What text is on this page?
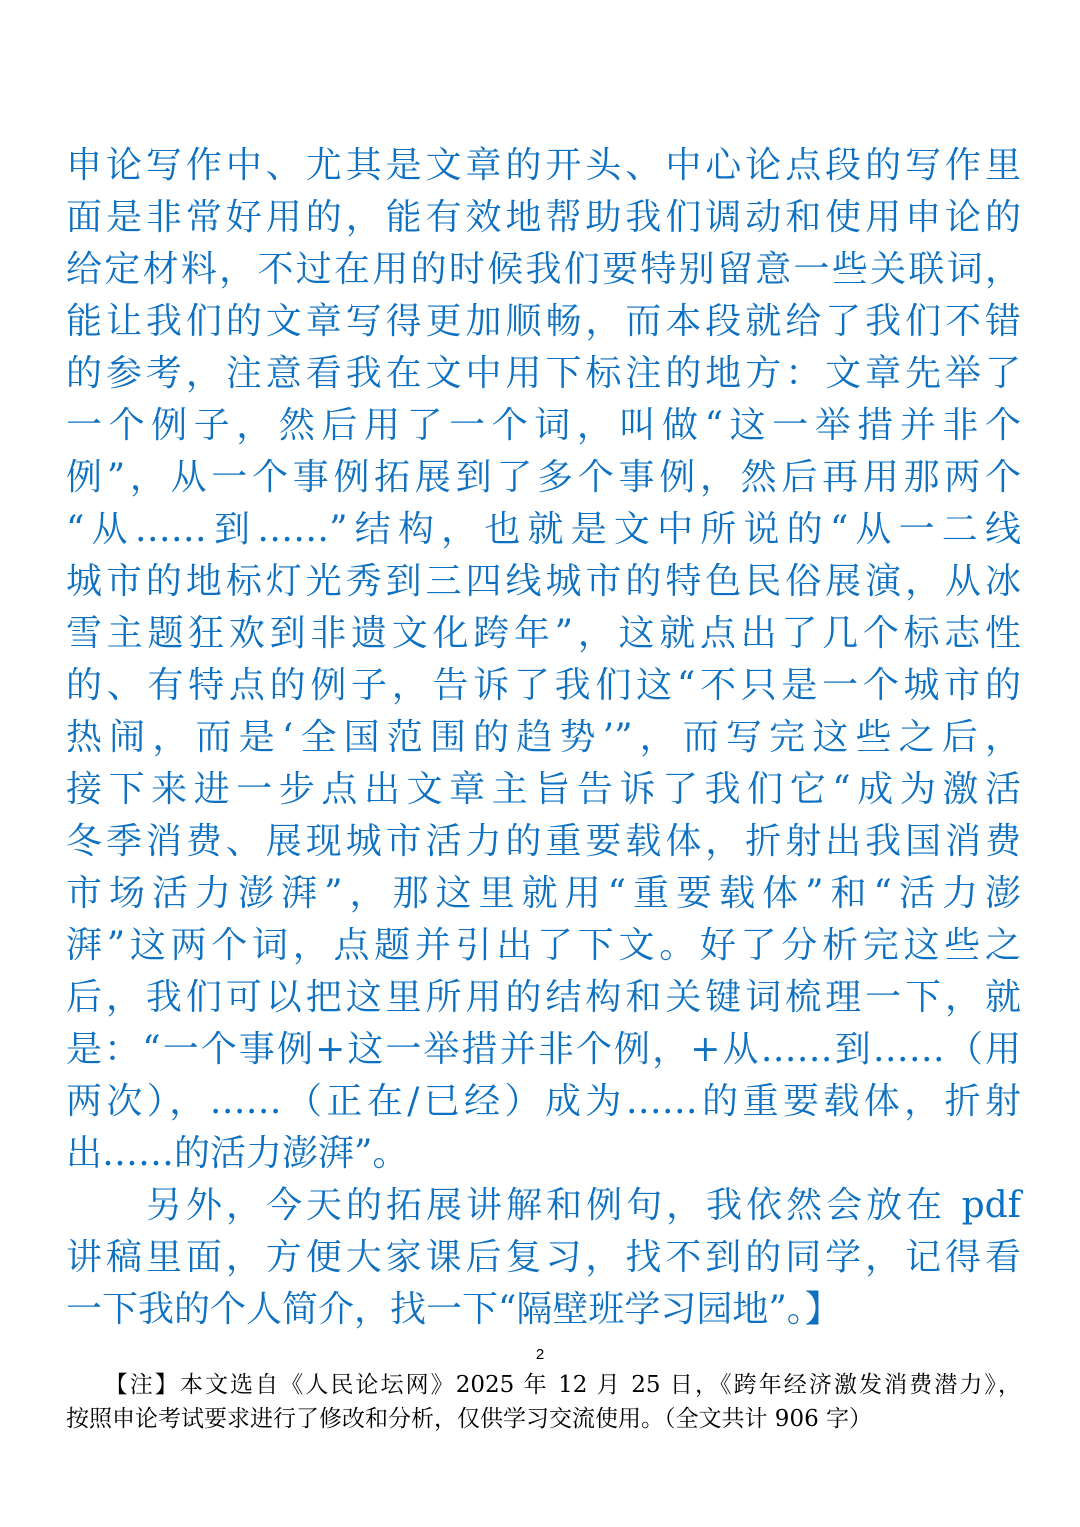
申论写作中、尤其是文章的开头、中心论点段的写作里
面是非常好用的，能有效地帮助我们调动和使用申论的
给定材料，不过在用的时候我们要特别留意一些关联词，
能让我们的文章写得更加顺畅，而本段就给了我们不错
的参考，注意看我在文中用下标注的地方：文章先举了
一个例子，然后用了一个词，叫做“这一举措并非个
例”，从一个事例拓展到了多个事例，然后再用那两个
“从……到……”结构，也就是文中所说的“从一二线
城市的地标灯光秀到三四线城市的特色民俗展演，从冰
雪主题狂欢到非遗文化跨年”，这就点出了几个标志性
的、有特点的例子，告诉了我们这“不只是一个城市的
热闹，而是‘全国范围的趋势’”，而写完这些之后，
接下来进一步点出文章主旨告诉了我们它“成为激活
冬季消费、展现城市活力的重要载体，折射出我国消费
市场活力澎湃”，那这里就用“重要载体”和“活力澎
湃”这两个词，点题并引出了下文。好了分析完这些之
后，我们可以把这里所用的结构和关键词梳理一下，就
是：“一个事例+这一举措并非个例，+从……到……（用
两次），……（正在/已经）成为……的重要载体，折射
出……的活力澎湃”。
　　另外，今天的拓展讲解和例句，我依然会放在 pdf
讲稿里面，方便大家课后复习，找不到的同学，记得看
一下我的个人简介，找一下“隔壁班学习园地”。】
2
　　【注】本文选自《人民论坛网》2025 年 12 月 25 日，《跨年经济激发消费潜力》，
按照申论考试要求进行了修改和分析，仅供学习交流使用。（全文共计 906 字）
